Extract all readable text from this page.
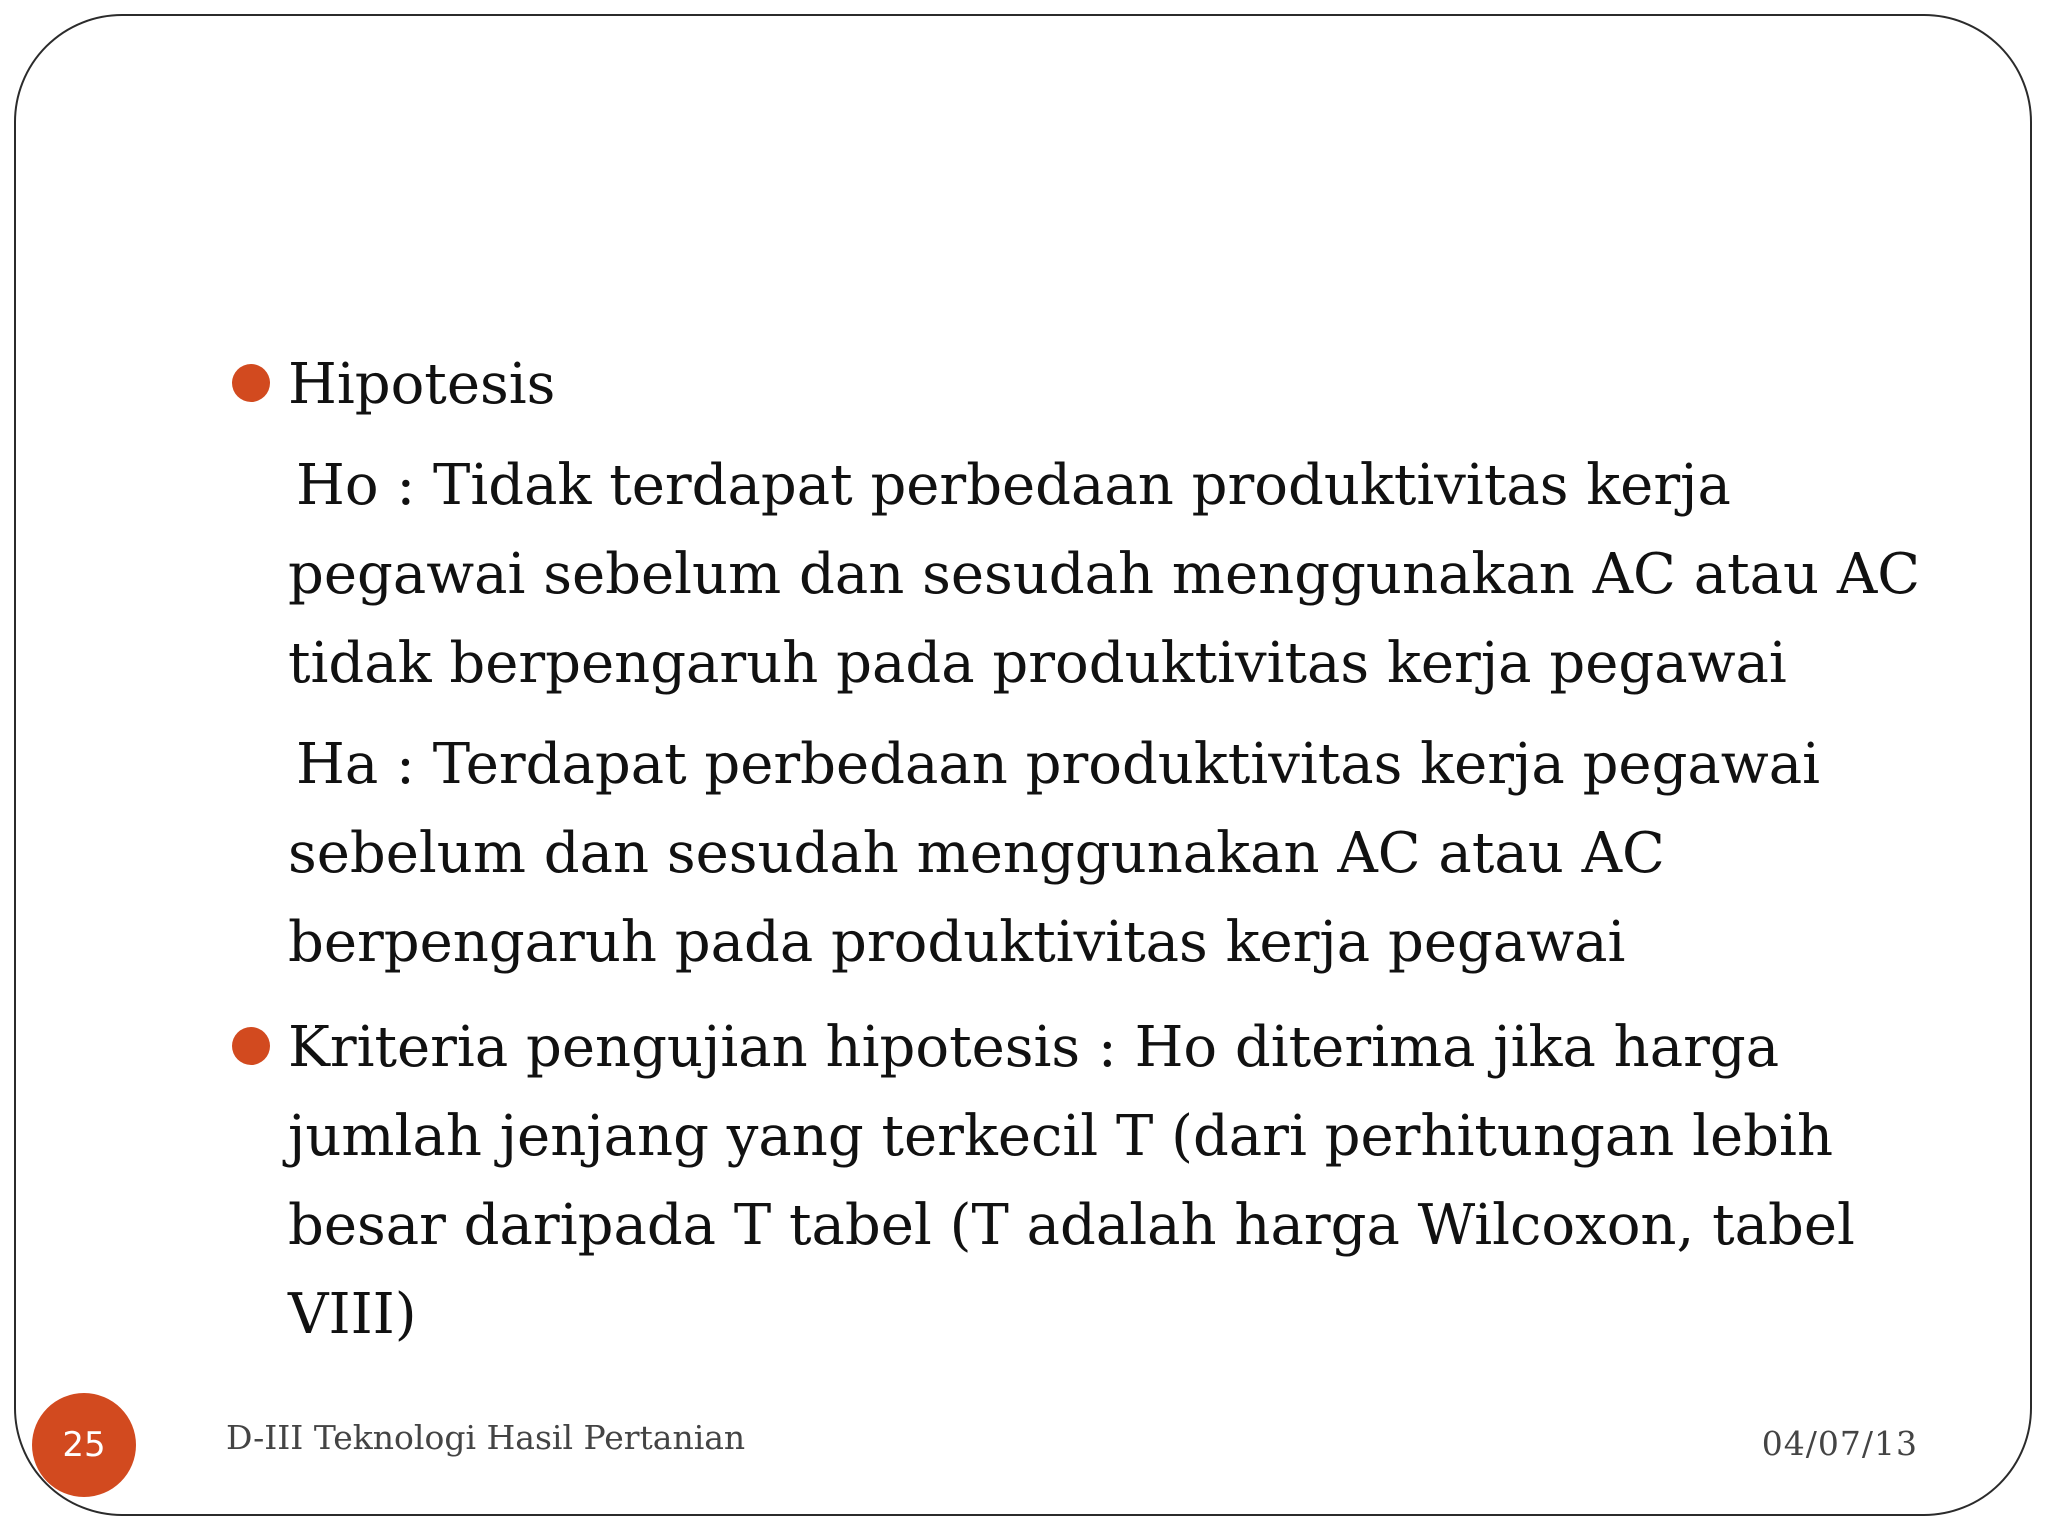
Hipotesis

Ho : Tidak terdapat perbedaan produktivitas kerja pegawai sebelum dan sesudah menggunakan AC atau AC tidak berpengaruh pada produktivitas kerja pegawai

Ha : Terdapat perbedaan produktivitas kerja pegawai sebelum dan sesudah menggunakan AC atau AC berpengaruh pada produktivitas kerja pegawai

Kriteria pengujian hipotesis : Ho diterima jika harga jumlah jenjang yang terkecil T (dari perhitungan lebih besar daripada T tabel (T adalah harga Wilcoxon, tabel VIII)

25	D-III Teknologi Hasil Pertanian	04/07/13
